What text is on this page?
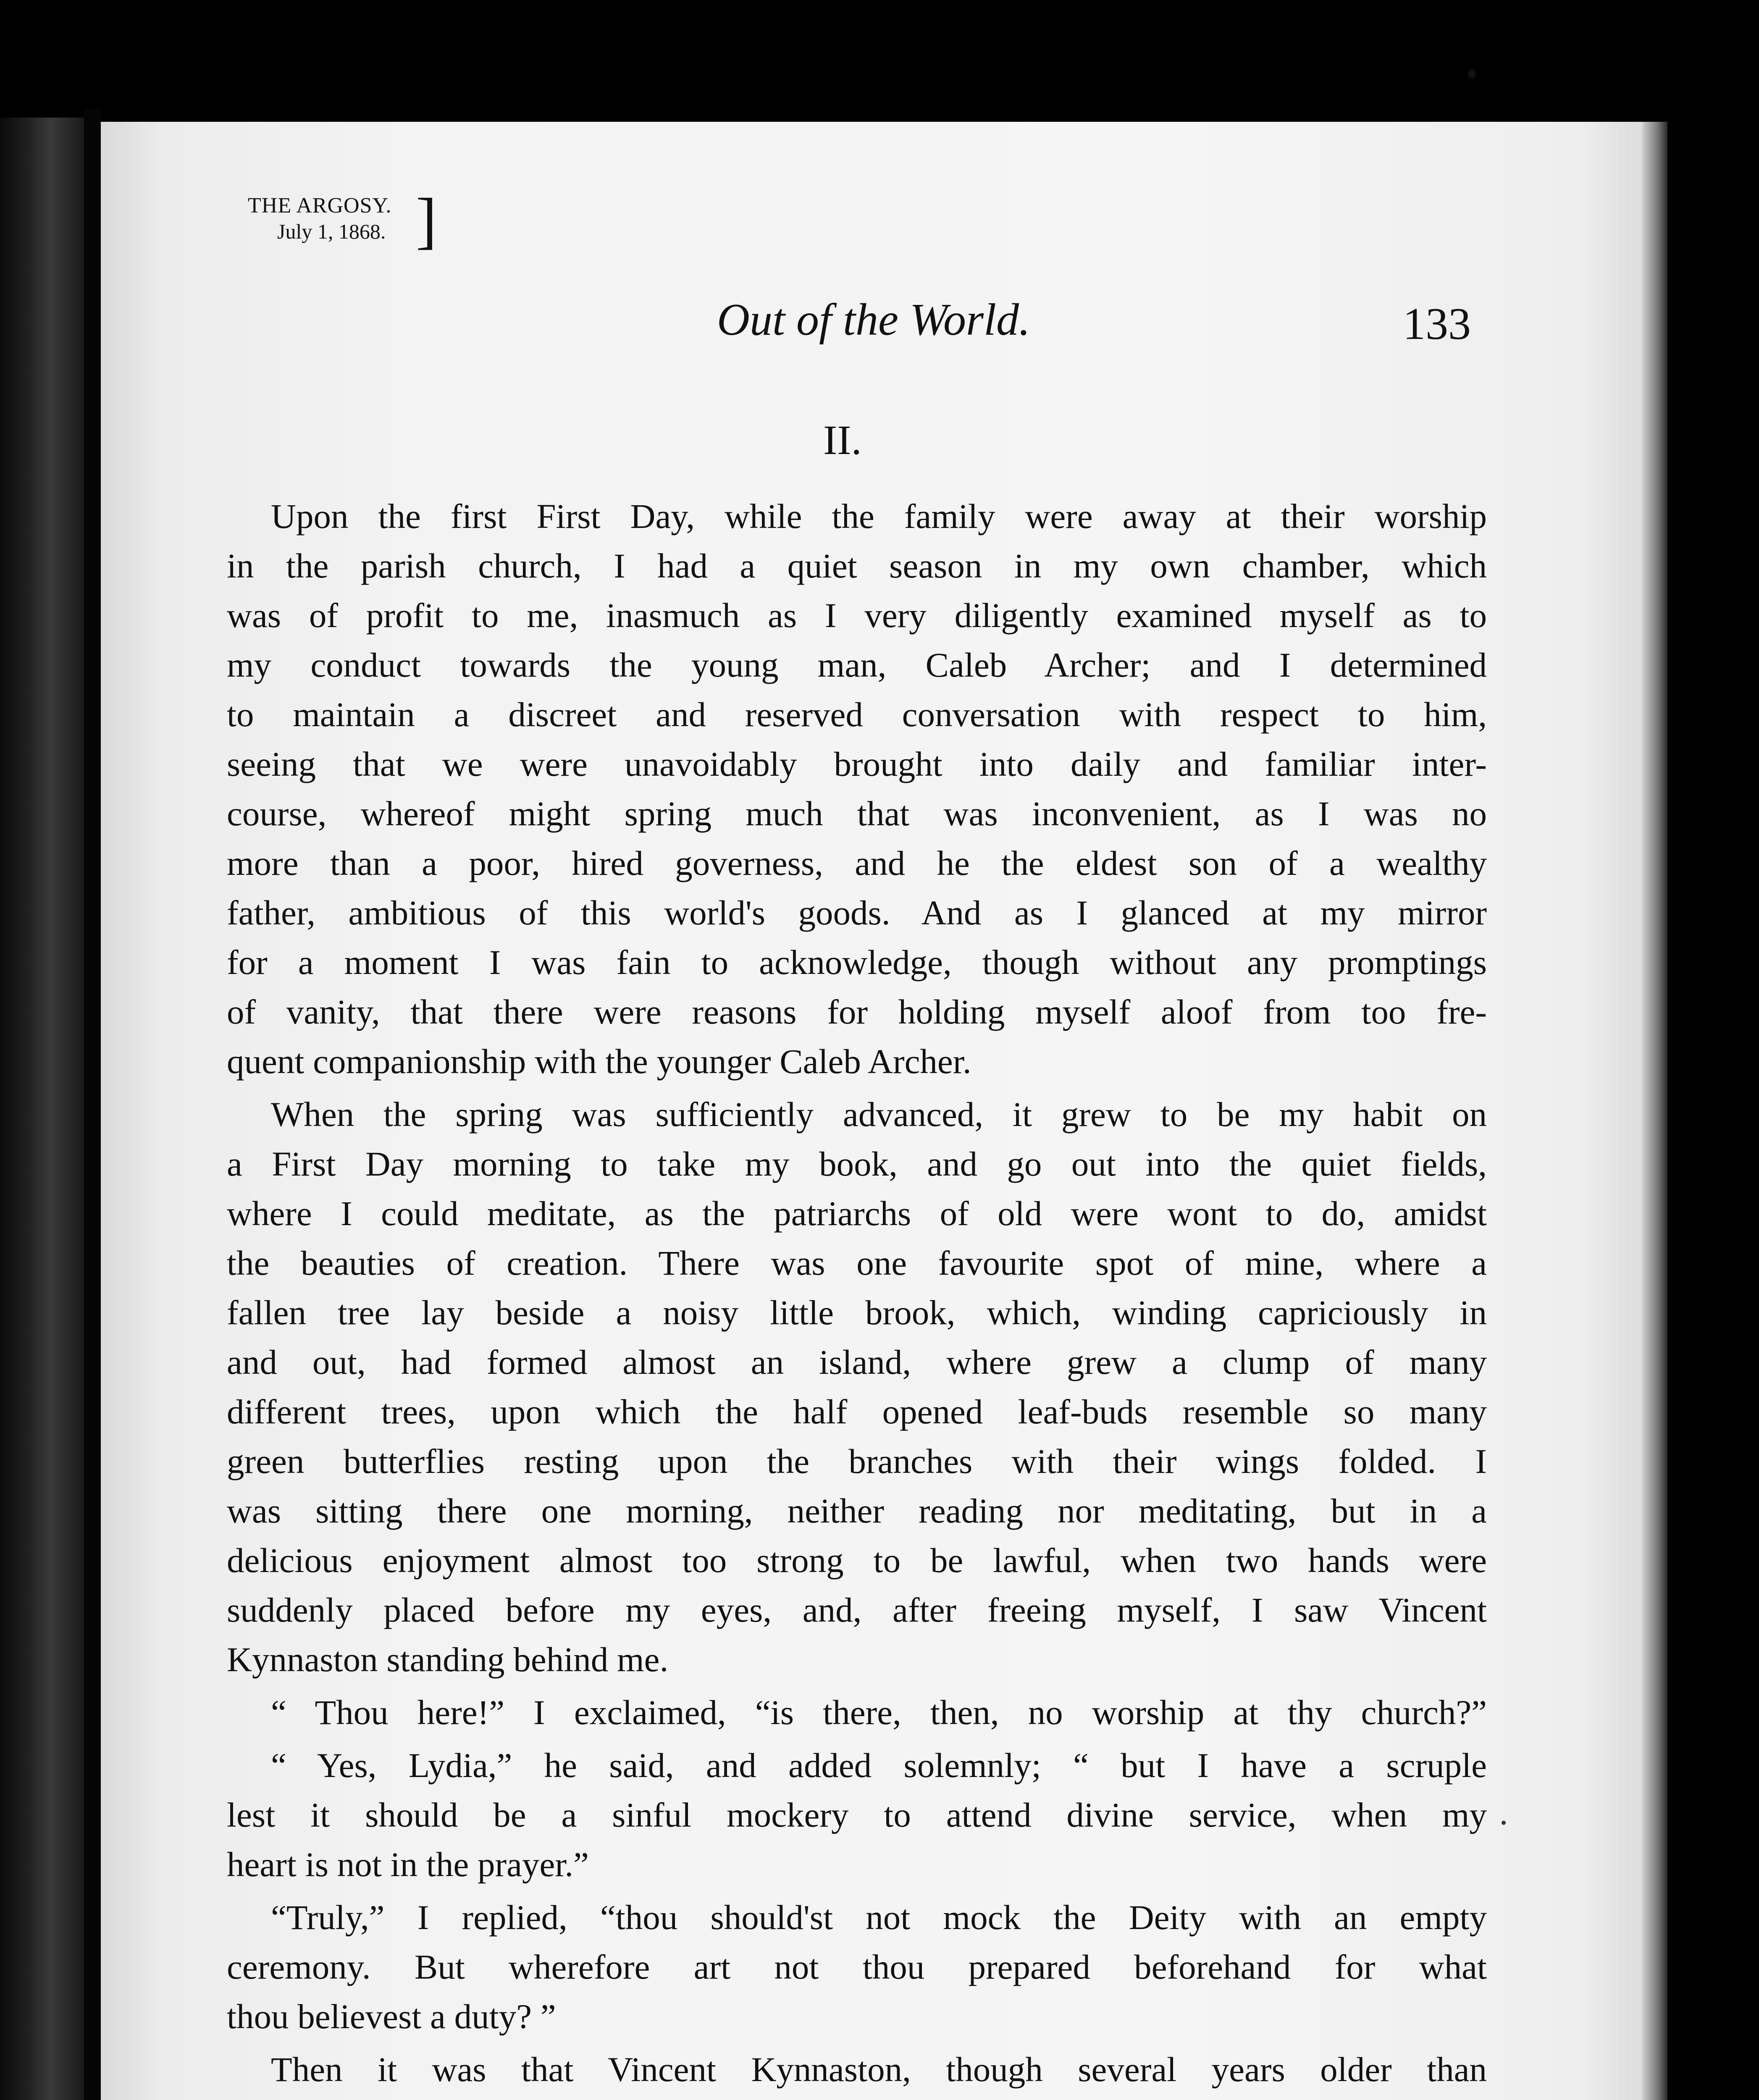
THE ARGOSY.
July 1, 1868. ]
Out of the World.	133
II.
Upon the first First Day, while the family were away at their worship
in the parish church, I had a quiet season in my own chamber, which
was of profit to me, inasmuch as I very diligently examined myself as to
my conduct towards the young man, Caleb Archer; and I determined
to maintain a discreet and reserved conversation with respect to him,
seeing that we were unavoidably brought into daily and familiar inter-
course, whereof might spring much that was inconvenient, as I was no
more than a poor, hired governess, and he the eldest son of a wealthy
father, ambitious of this world's goods. And as I glanced at my mirror
for a moment I was fain to acknowledge, though without any promptings
of vanity, that there were reasons for holding myself aloof from too fre-
quent companionship with the younger Caleb Archer.
When the spring was sufficiently advanced, it grew to be my habit on
a First Day morning to take my book, and go out into the quiet fields,
where I could meditate, as the patriarchs of old were wont to do, amidst
the beauties of creation. There was one favourite spot of mine, where a
fallen tree lay beside a noisy little brook, which, winding capriciously in
and out, had formed almost an island, where grew a clump of many
different trees, upon which the half opened leaf-buds resemble so many
green butterflies resting upon the branches with their wings folded. I
was sitting there one morning, neither reading nor meditating, but in a
delicious enjoyment almost too strong to be lawful, when two hands were
suddenly placed before my eyes, and, after freeing myself, I saw Vincent
Kynnaston standing behind me.
“ Thou here!” I exclaimed, “is there, then, no worship at thy church?”
“ Yes, Lydia,” he said, and added solemnly; “ but I have a scruple
lest it should be a sinful mockery to attend divine service, when my
heart is not in the prayer.”
“Truly,” I replied, “thou should'st not mock the Deity with an empty
ceremony. But wherefore art not thou prepared beforehand for what
thou believest a duty? ”
Then it was that Vincent Kynnaston, though several years older than
